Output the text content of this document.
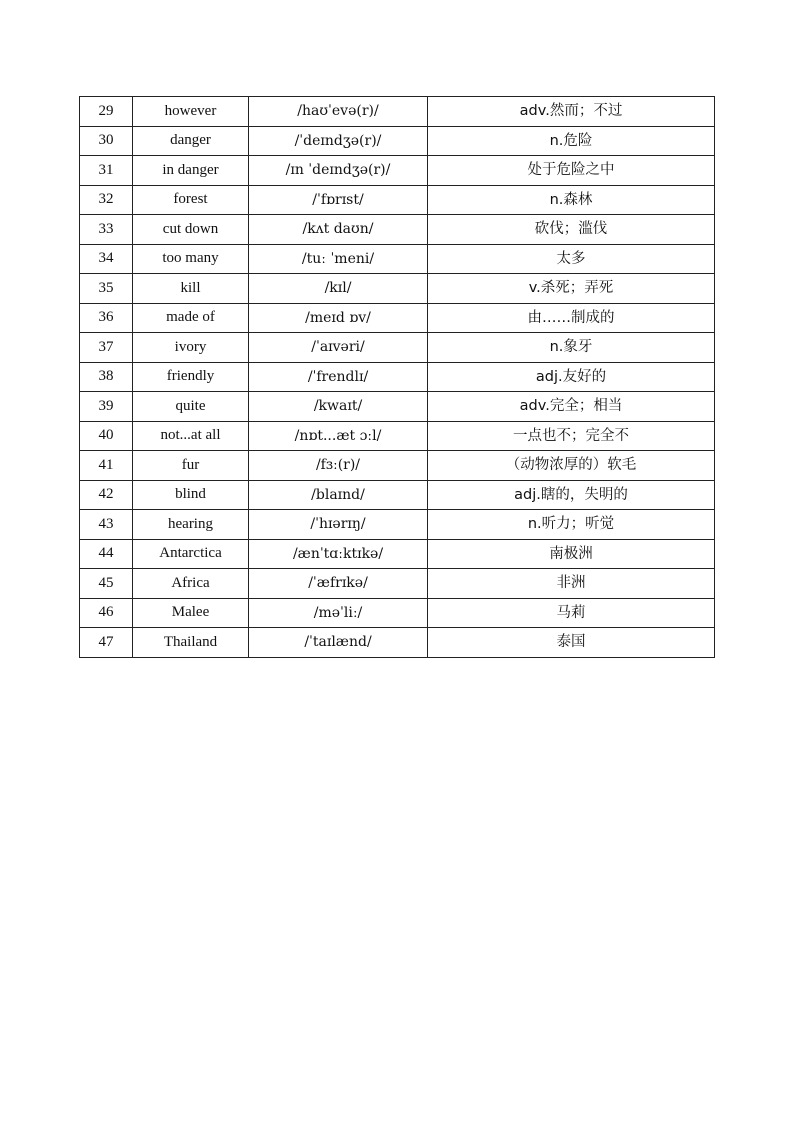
29	however	/haʊˈevə(r)/	adv.然而；不过
30	danger	/ˈdeɪndʒə(r)/	n.危险
31	in danger	/ɪn ˈdeɪndʒə(r)/	处于危险之中
32	forest	/ˈfɒrɪst/	n.森林
33	cut down	/kʌt daʊn/	砍伐；滥伐
34	too many	/tuː ˈmeni/	太多
35	kill	/kɪl/	v.杀死；弄死
36	made of	/meɪd ɒv/	由……制成的
37	ivory	/ˈaɪvəri/	n.象牙
38	friendly	/ˈfrendlɪ/	adj.友好的
39	quite	/kwaɪt/	adv.完全；相当
40	not...at all	/nɒt...æt ɔːl/	一点也不；完全不
41	fur	/fɜː(r)/	（动物浓厚的）软毛
42	blind	/blaɪnd/	adj.瞎的，失明的
43	hearing	/ˈhɪərɪŋ/	n.听力；听觉
44	Antarctica	/ænˈtɑːktɪkə/	南极洲
45	Africa	/ˈæfrɪkə/	非洲
46	Malee	/məˈliː/	马莉
47	Thailand	/ˈtaɪlænd/	泰国
